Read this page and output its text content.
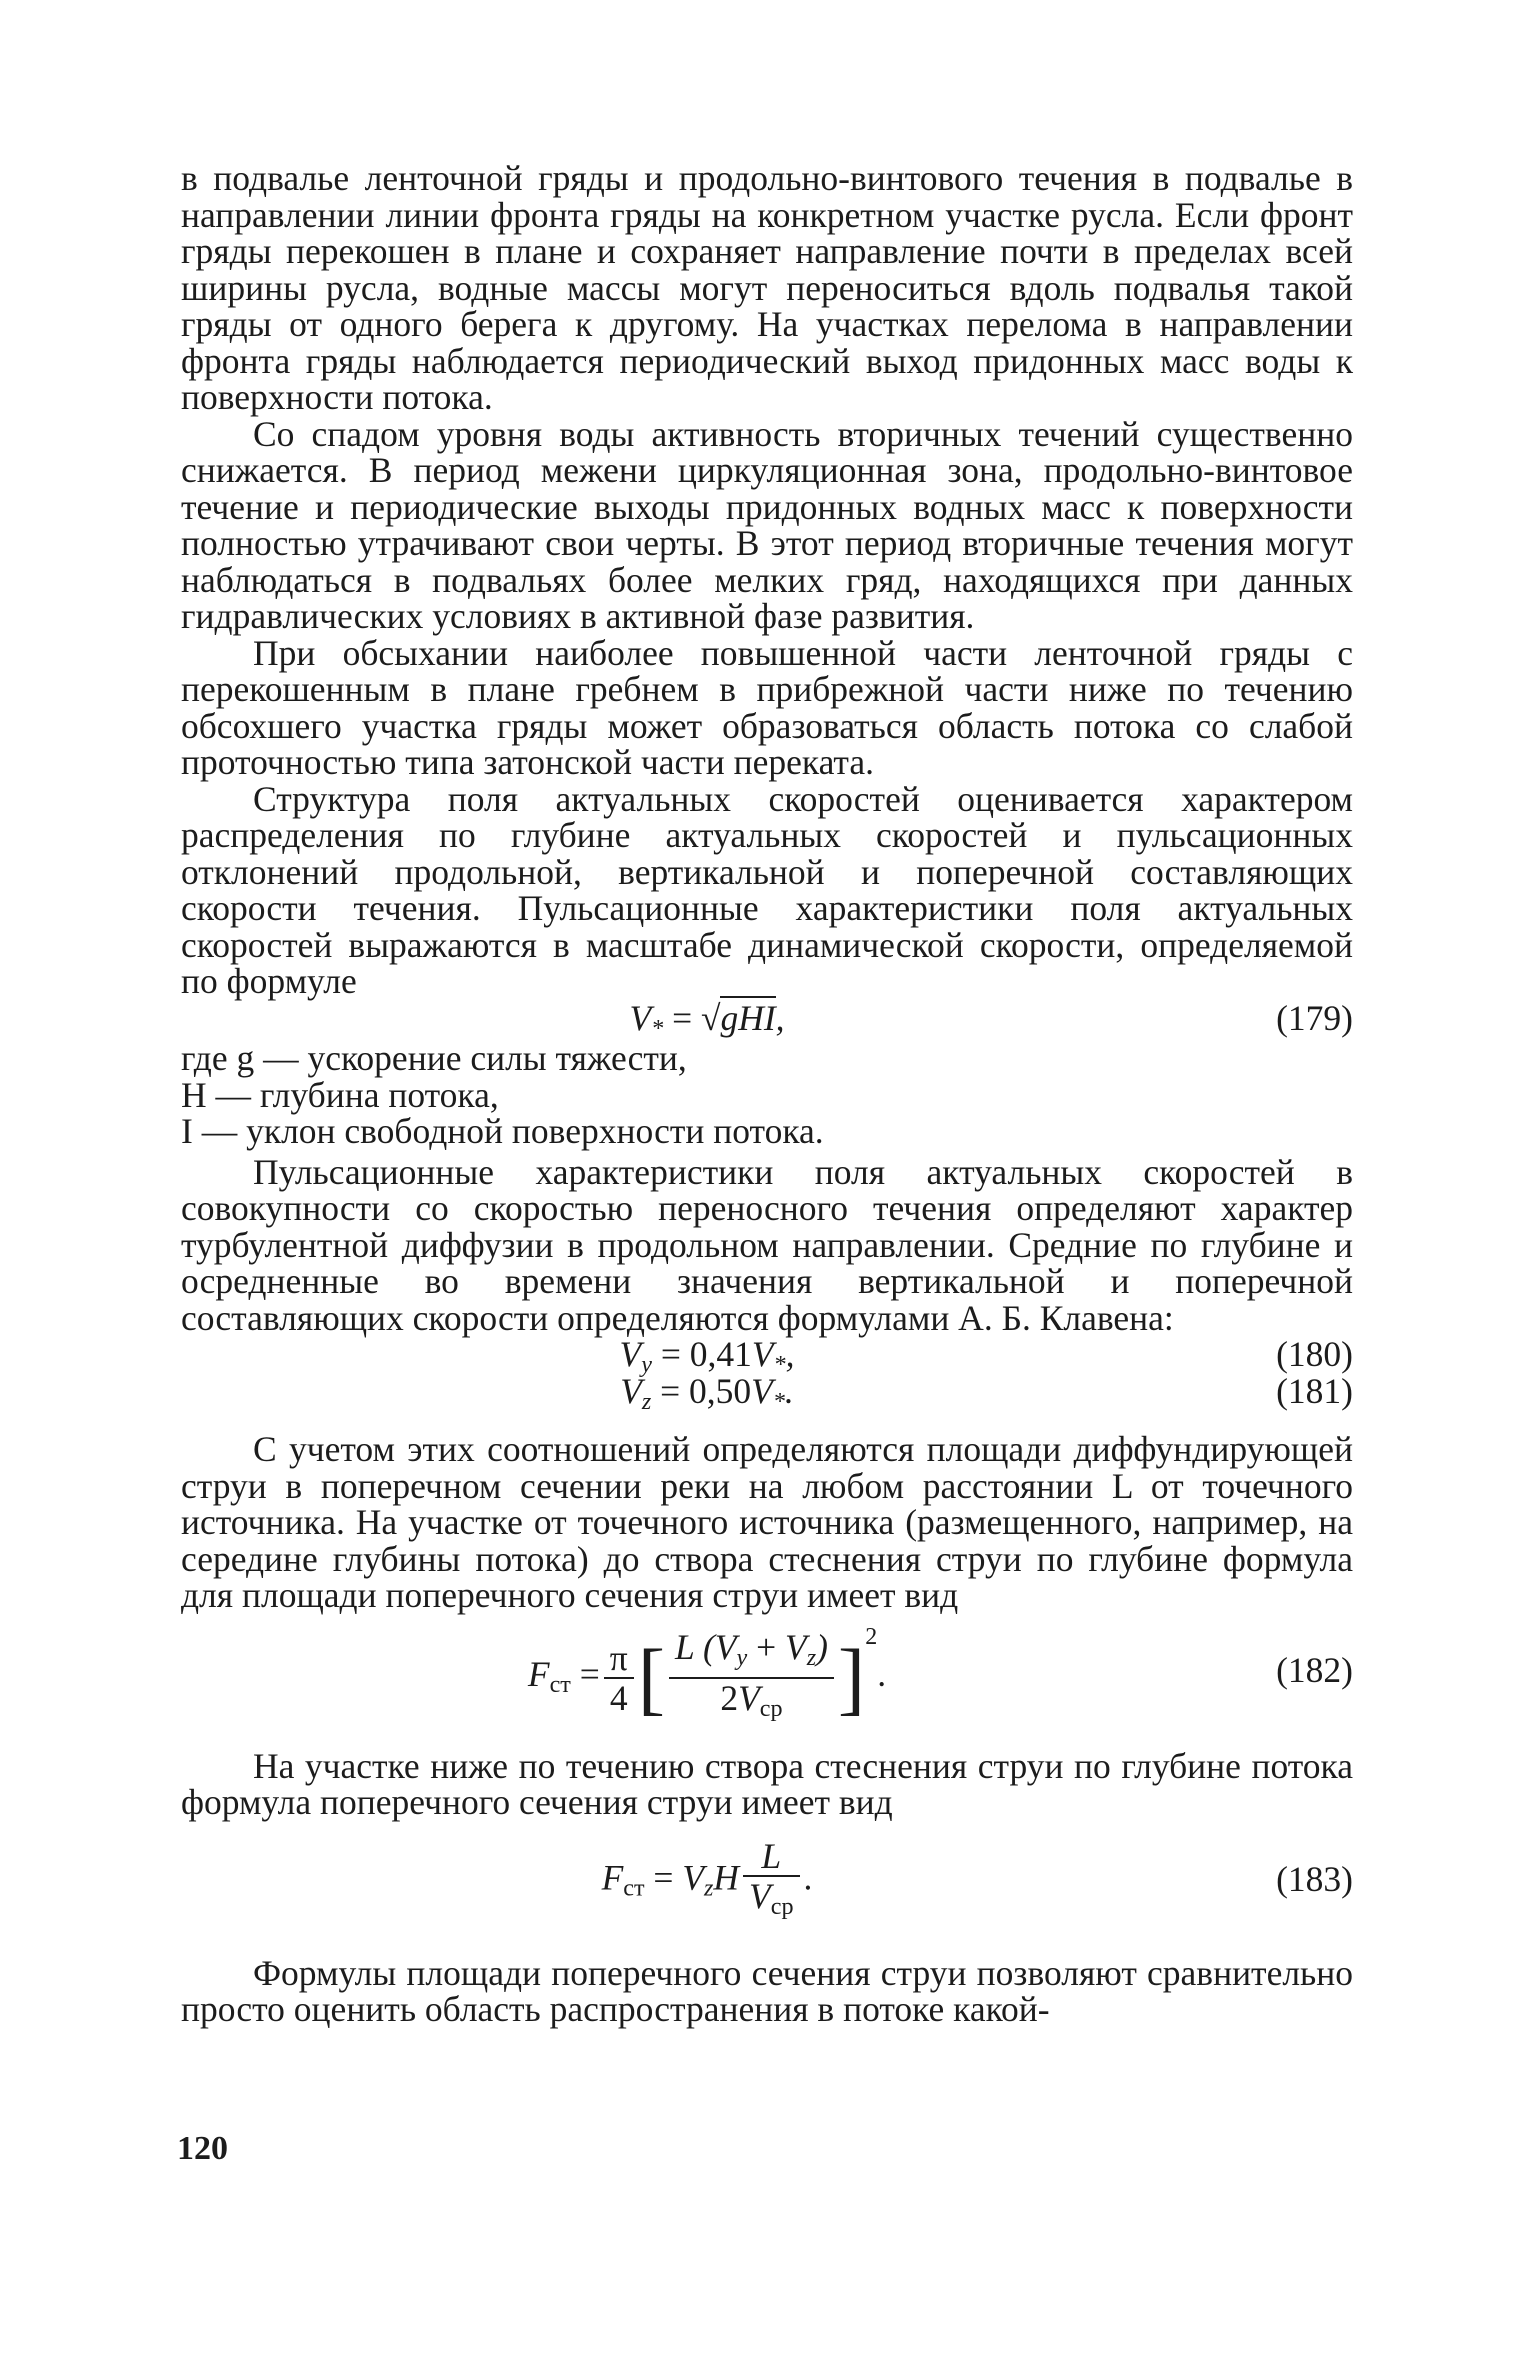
в подвалье ленточной гряды и продольно-винтового течения в подвалье в направлении линии фронта гряды на конкретном участке русла. Если фронт гряды перекошен в плане и сохраняет направление почти в пределах всей ширины русла, водные массы могут переноситься вдоль подвалья такой гряды от одного берега к другому. На участках перелома в направлении фронта гряды наблюдается периодический выход придонных масс воды к поверхности потока.

Со спадом уровня воды активность вторичных течений существенно снижается. В период межени циркуляционная зона, продольно-винтовое течение и периодические выходы придонных водных масс к поверхности полностью утрачивают свои черты. В этот период вторичные течения могут наблюдаться в подвальях более мелких гряд, находящихся при данных гидравлических условиях в активной фазе развития.

При обсыхании наиболее повышенной части ленточной гряды с перекошенным в плане гребнем в прибрежной части ниже по течению обсохшего участка гряды может образоваться область потока со слабой проточностью типа затонской части переката.

Структура поля актуальных скоростей оценивается характером распределения по глубине актуальных скоростей и пульсационных отклонений продольной, вертикальной и поперечной составляющих скорости течения. Пульсационные характеристики поля актуальных скоростей выражаются в масштабе динамической скорости, определяемой по формуле

$V_* = √gHI$,	(179)
где g — ускорение силы тяжести,
H — глубина потока,
I — уклон свободной поверхности потока.

Пульсационные характеристики поля актуальных скоростей в совокупности со скоростью переносного течения определяют характер турбулентной диффузии в продольном направлении. Средние по глубине и осредненные во времени значения вертикальной и поперечной составляющих скорости определяются формулами А. Б. Клавена:

$V_y = 0,41V_*$,	(180)
$V_z = 0,50V_*$.	(181)

С учетом этих соотношений определяются площади диффундирующей струи в поперечном сечении реки на любом расстоянии L от точечного источника. На участке от точечного источника (размещенного, например, на середине глубины потока) до створа стеснения струи по глубине формула для площади поперечного сечения струи имеет вид

$F_{ст} = \frac{\pi}{4}$ [ $\frac{L (V_y + V_z)}{2V_{ср}} ]^2$.	(182)

На участке ниже по течению створа стеснения струи по глубине потока формула поперечного сечения струи имеет вид

$F_{ст} = V_zH \frac{L}{V_{ср}}$ .	(183)

Формулы площади поперечного сечения струи позволяют сравнительно просто оценить область распространения в потоке какой-

120
